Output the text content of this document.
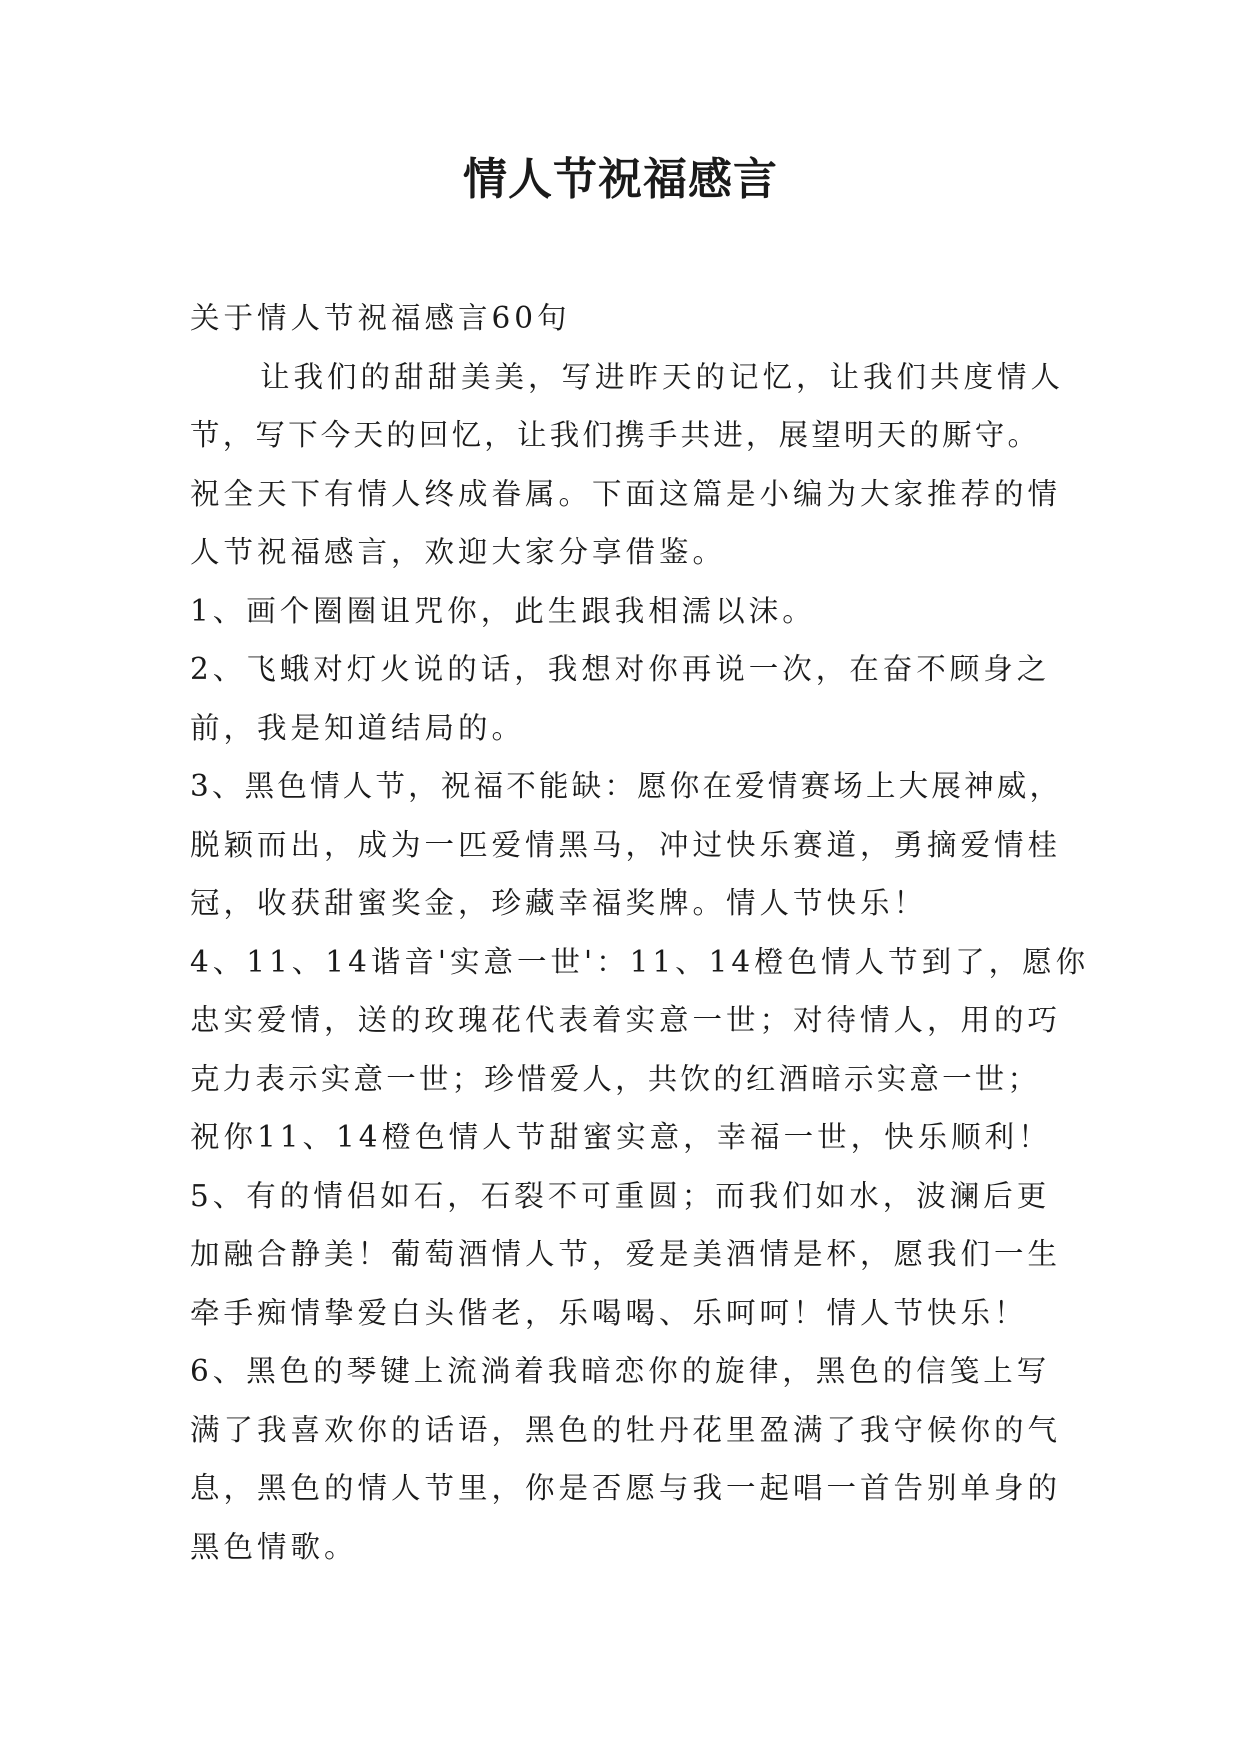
情人节祝福感言
关于情人节祝福感言60句
让我们的甜甜美美，写进昨天的记忆，让我们共度情人
节，写下今天的回忆，让我们携手共进，展望明天的厮守。
祝全天下有情人终成眷属。下面这篇是小编为大家推荐的情
人节祝福感言，欢迎大家分享借鉴。
1、画个圈圈诅咒你，此生跟我相濡以沫。
2、飞蛾对灯火说的话，我想对你再说一次，在奋不顾身之
前，我是知道结局的。
3、黑色情人节，祝福不能缺：愿你在爱情赛场上大展神威，
脱颖而出，成为一匹爱情黑马，冲过快乐赛道，勇摘爱情桂
冠，收获甜蜜奖金，珍藏幸福奖牌。情人节快乐！
4、11、14谐音'实意一世'：11、14橙色情人节到了，愿你
忠实爱情，送的玫瑰花代表着实意一世；对待情人，用的巧
克力表示实意一世；珍惜爱人，共饮的红酒暗示实意一世；
祝你11、14橙色情人节甜蜜实意，幸福一世，快乐顺利！
5、有的情侣如石，石裂不可重圆；而我们如水，波澜后更
加融合静美！葡萄酒情人节，爱是美酒情是杯，愿我们一生
牵手痴情挚爱白头偕老，乐喝喝、乐呵呵！情人节快乐！
6、黑色的琴键上流淌着我暗恋你的旋律，黑色的信笺上写
满了我喜欢你的话语，黑色的牡丹花里盈满了我守候你的气
息，黑色的情人节里，你是否愿与我一起唱一首告别单身的
黑色情歌。
